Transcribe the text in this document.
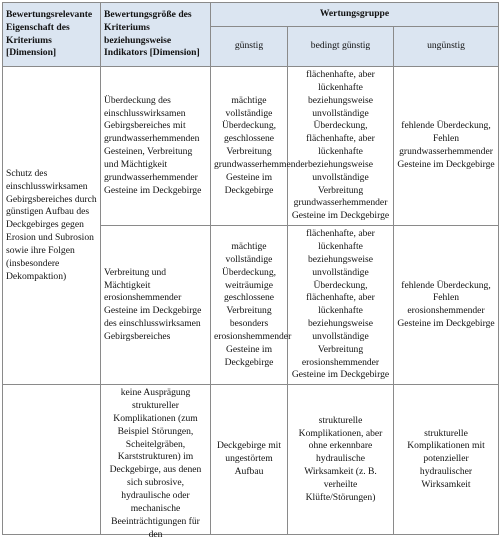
Bewertungsrelevante Eigenschaft des Kriteriums [Dimension]	Bewertungsgröße des Kriteriums beziehungsweise Indikators [Dimension]	Wertungsgruppe		
		günstig	bedingt günstig	ungünstig
Schutz des einschlusswirksamen Gebirgsbereiches durch günstigen Aufbau des Deckgebirges gegen Erosion und Subrosion sowie ihre Folgen (insbesondere Dekompaktion)	Überdeckung des einschlusswirksamen Gebirgsbereiches mit grundwasserhemmenden Gesteinen, Verbreitung und Mächtigkeit grundwasserhemmender Gesteine im Deckgebirge	mächtige vollständige Überdeckung, geschlossene Verbreitung grundwasserhemmender Gesteine im Deckgebirge	flächenhafte, aber lückenhafte beziehungsweise unvollständige Überdeckung, flächenhafte, aber lückenhafte beziehungsweise unvollständige Verbreitung grundwasserhemmender Gesteine im Deckgebirge	fehlende Überdeckung, Fehlen grundwasserhemmender Gesteine im Deckgebirge
	Verbreitung und Mächtigkeit erosionshemmender Gesteine im Deckgebirge des einschlusswirksamen Gebirgsbereiches	mächtige vollständige Überdeckung, weiträumige geschlossene Verbreitung besonders erosionshemmender Gesteine im Deckgebirge	flächenhafte, aber lückenhafte beziehungsweise unvollständige Überdeckung, flächenhafte, aber lückenhafte beziehungsweise unvollständige Verbreitung erosionshemmender Gesteine im Deckgebirge	fehlende Überdeckung, Fehlen erosionshemmender Gesteine im Deckgebirge

	keine Ausprägung struktureller Komplikationen (zum Beispiel Störungen, Scheitelgräben, Karststrukturen) im Deckgebirge, aus denen sich subrosive, hydraulische oder mechanische Beeinträchtigungen für den	Deckgebirge mit ungestörtem Aufbau	strukturelle Komplikationen, aber ohne erkennbare hydraulische Wirksamkeit (z. B. verheilte Klüfte/Störungen)	strukturelle Komplikationen mit potenzieller hydraulischer Wirksamkeit
